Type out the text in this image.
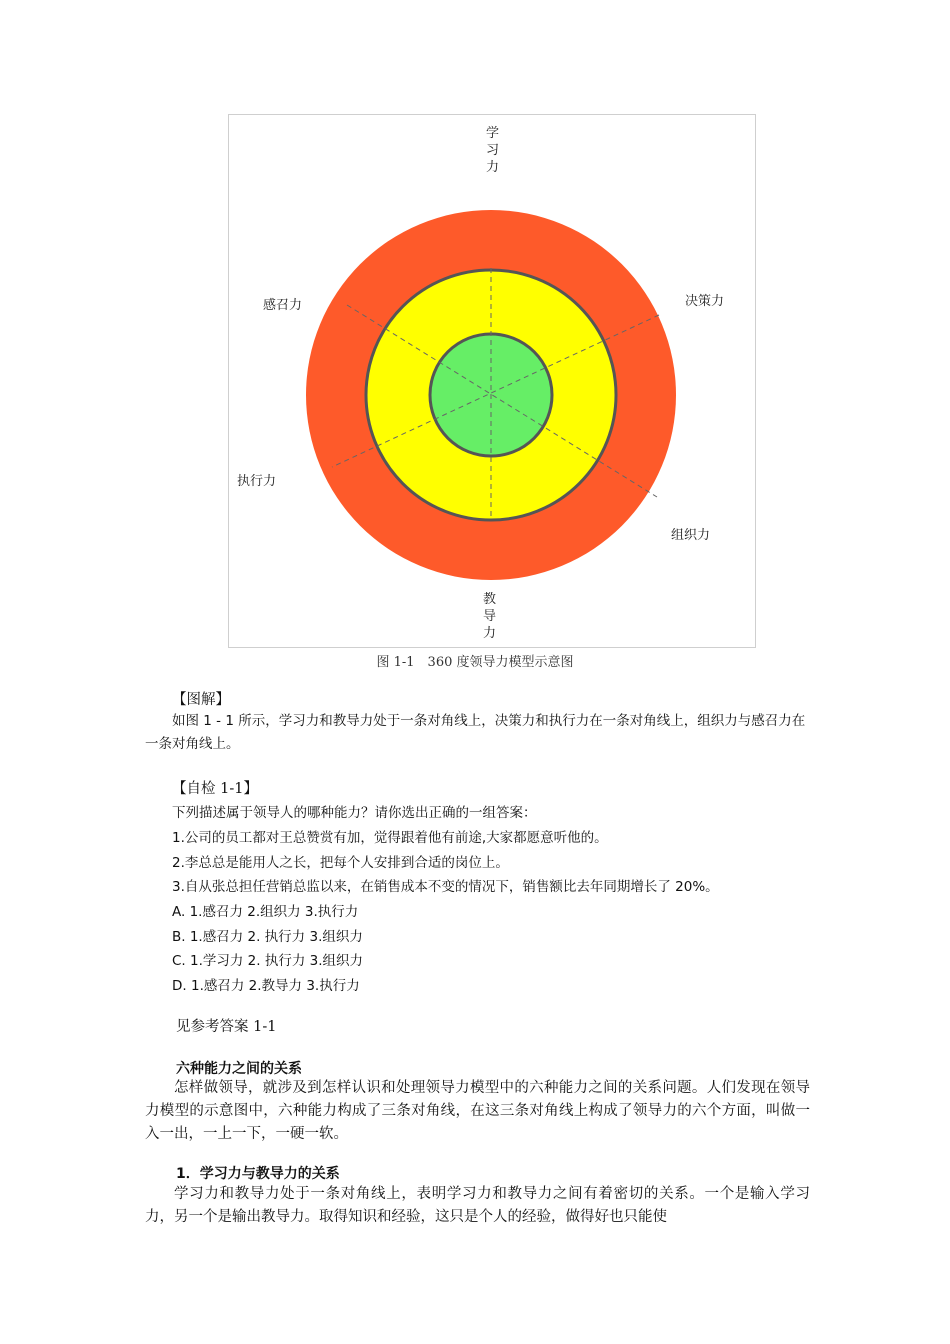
学
习
力
教
导
力
感召力	决策力
执行力
组织力
图 1-1　360 度领导力模型示意图
【图解】
如图 1 - 1 所示，学习力和教导力处于一条对角线上，决策力和执行力在一条对角线上，组织力与感召力在一条对角线上。
【自检 1-1】
下列描述属于领导人的哪种能力？请你选出正确的一组答案：
1.公司的员工都对王总赞赏有加，觉得跟着他有前途,大家都愿意听他的。
2.李总总是能用人之长，把每个人安排到合适的岗位上。
3.自从张总担任营销总监以来，在销售成本不变的情况下，销售额比去年同期增长了 20%。
A. 1.感召力 2.组织力 3.执行力
B. 1.感召力 2. 执行力 3.组织力
C. 1.学习力 2. 执行力 3.组织力
D. 1.感召力 2.教导力 3.执行力
见参考答案 1-1
六种能力之间的关系
怎样做领导，就涉及到怎样认识和处理领导力模型中的六种能力之间的关系问题。人们发现在领导力模型的示意图中，六种能力构成了三条对角线，在这三条对角线上构成了领导力的六个方面，叫做一入一出，一上一下，一硬一软。
1．学习力与教导力的关系
学习力和教导力处于一条对角线上，表明学习力和教导力之间有着密切的关系。一个是输入学习力，另一个是输出教导力。取得知识和经验，这只是个人的经验，做得好也只能使
